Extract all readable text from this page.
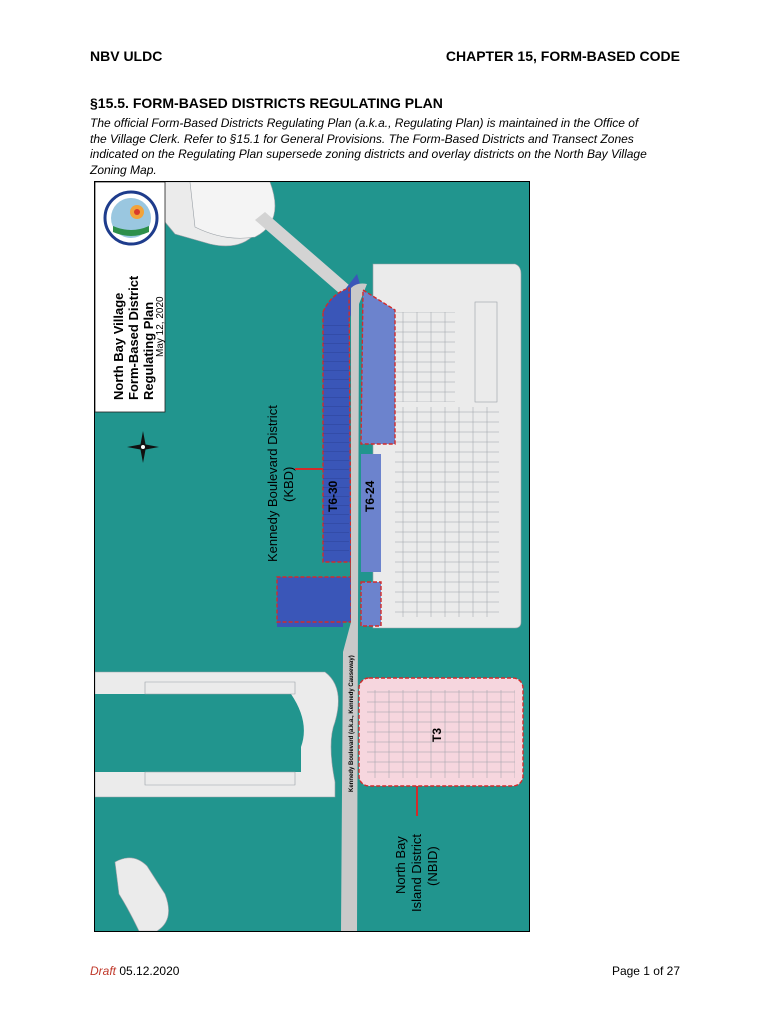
NBV ULDC	CHAPTER 15, FORM-BASED CODE
§15.5. FORM-BASED DISTRICTS REGULATING PLAN
The official Form-Based Districts Regulating Plan (a.k.a., Regulating Plan) is maintained in the Office of
the Village Clerk. Refer to §15.1 for General Provisions. The Form-Based Districts and Transect Zones
indicated on the Regulating Plan supersede zoning districts and overlay districts on the North Bay Village
Zoning Map.
North Bay Village Form-Based District Regulating Plan May 12, 2020
Kennedy Boulevard District (KBD)	T6-30 T6-24
T3
Kennedy Boulevard (a.k.a., Kennedy Causeway)
North Bay Island District (NBID)
Draft 05.12.2020	Page 1 of 27
